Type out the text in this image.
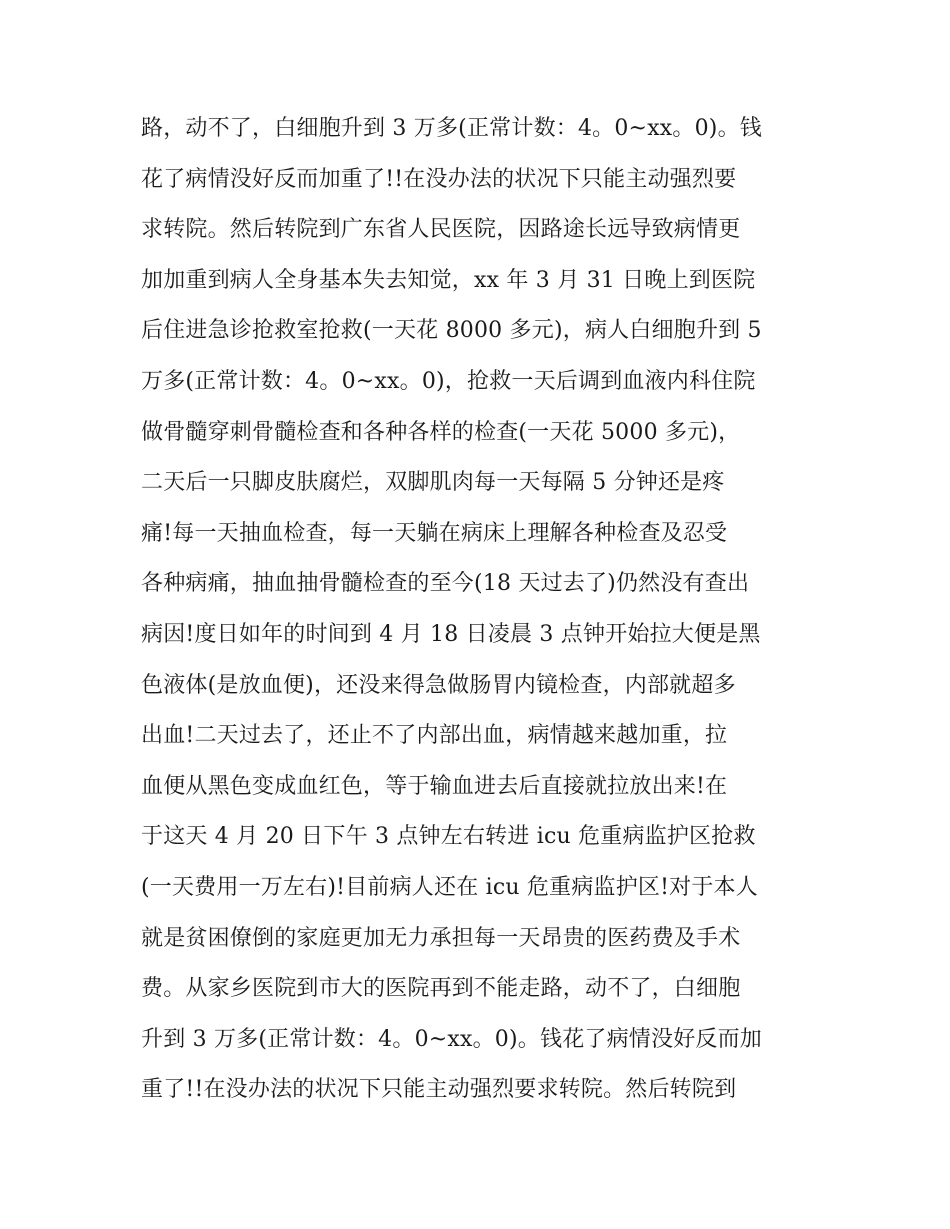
路，动不了，白细胞升到 3 万多(正常计数：4。0~xx。0)。钱
花了病情没好反而加重了!!在没办法的状况下只能主动强烈要
求转院。然后转院到广东省人民医院，因路途长远导致病情更
加加重到病人全身基本失去知觉，xx 年 3 月 31 日晚上到医院
后住进急诊抢救室抢救(一天花 8000 多元)，病人白细胞升到 5
万多(正常计数：4。0~xx。0)，抢救一天后调到血液内科住院
做骨髓穿刺骨髓检查和各种各样的检查(一天花 5000 多元)，
二天后一只脚皮肤腐烂，双脚肌肉每一天每隔 5 分钟还是疼
痛!每一天抽血检查，每一天躺在病床上理解各种检查及忍受
各种病痛，抽血抽骨髓检查的至今(18 天过去了)仍然没有查出
病因!度日如年的时间到 4 月 18 日凌晨 3 点钟开始拉大便是黑
色液体(是放血便)，还没来得急做肠胃内镜检查，内部就超多
出血!二天过去了，还止不了内部出血，病情越来越加重，拉
血便从黑色变成血红色，等于输血进去后直接就拉放出来!在
于这天 4 月 20 日下午 3 点钟左右转进 icu 危重病监护区抢救
(一天费用一万左右)!目前病人还在 icu 危重病监护区!对于本人
就是贫困僚倒的家庭更加无力承担每一天昂贵的医药费及手术
费。从家乡医院到市大的医院再到不能走路，动不了，白细胞
升到 3 万多(正常计数：4。0~xx。0)。钱花了病情没好反而加
重了!!在没办法的状况下只能主动强烈要求转院。然后转院到
